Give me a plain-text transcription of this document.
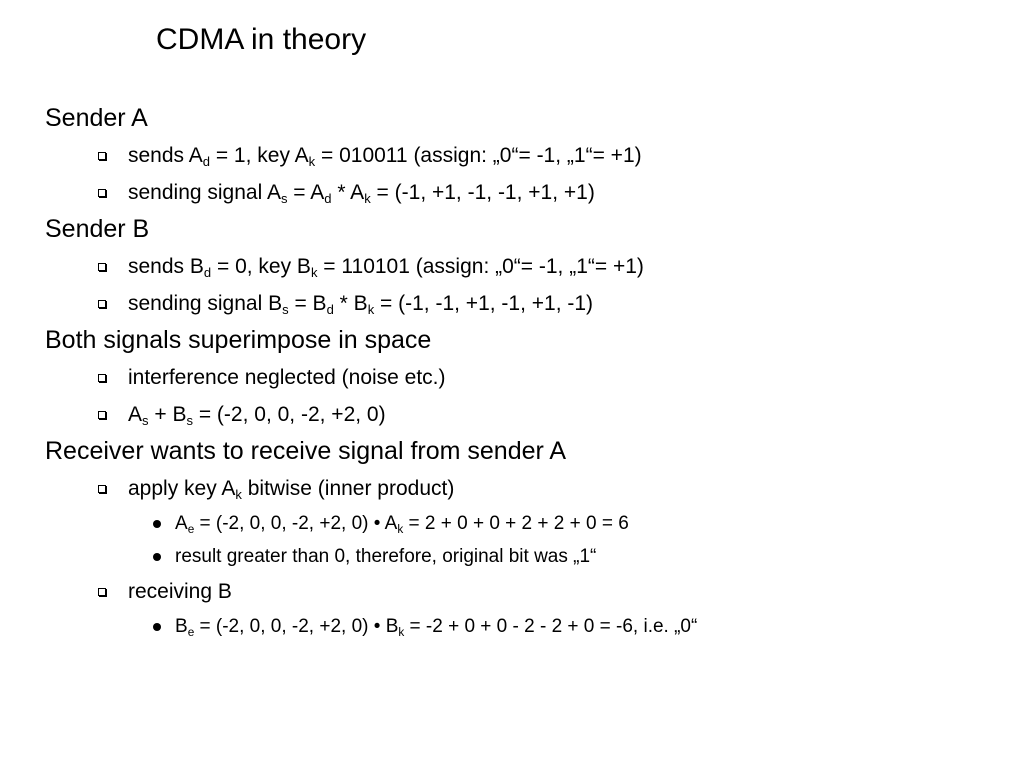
CDMA in theory
Sender A
sends Ad = 1, key Ak = 010011 (assign: „0“= -1, „1“= +1)
sending signal As = Ad * Ak = (-1, +1, -1, -1, +1, +1)
Sender B
sends Bd = 0, key Bk = 110101 (assign: „0“= -1, „1“= +1)
sending signal Bs = Bd * Bk = (-1, -1, +1, -1, +1, -1)
Both signals superimpose in space
interference neglected (noise etc.)
As + Bs = (-2, 0, 0, -2, +2, 0)
Receiver wants to receive signal from sender A
apply key Ak bitwise (inner product)
Ae = (-2, 0, 0, -2, +2, 0) • Ak = 2 + 0 + 0 + 2 + 2 + 0 = 6
result greater than 0, therefore, original bit was „1“
receiving B
Be = (-2, 0, 0, -2, +2, 0) • Bk = -2 + 0 + 0 - 2 - 2 + 0 = -6, i.e. „0“
